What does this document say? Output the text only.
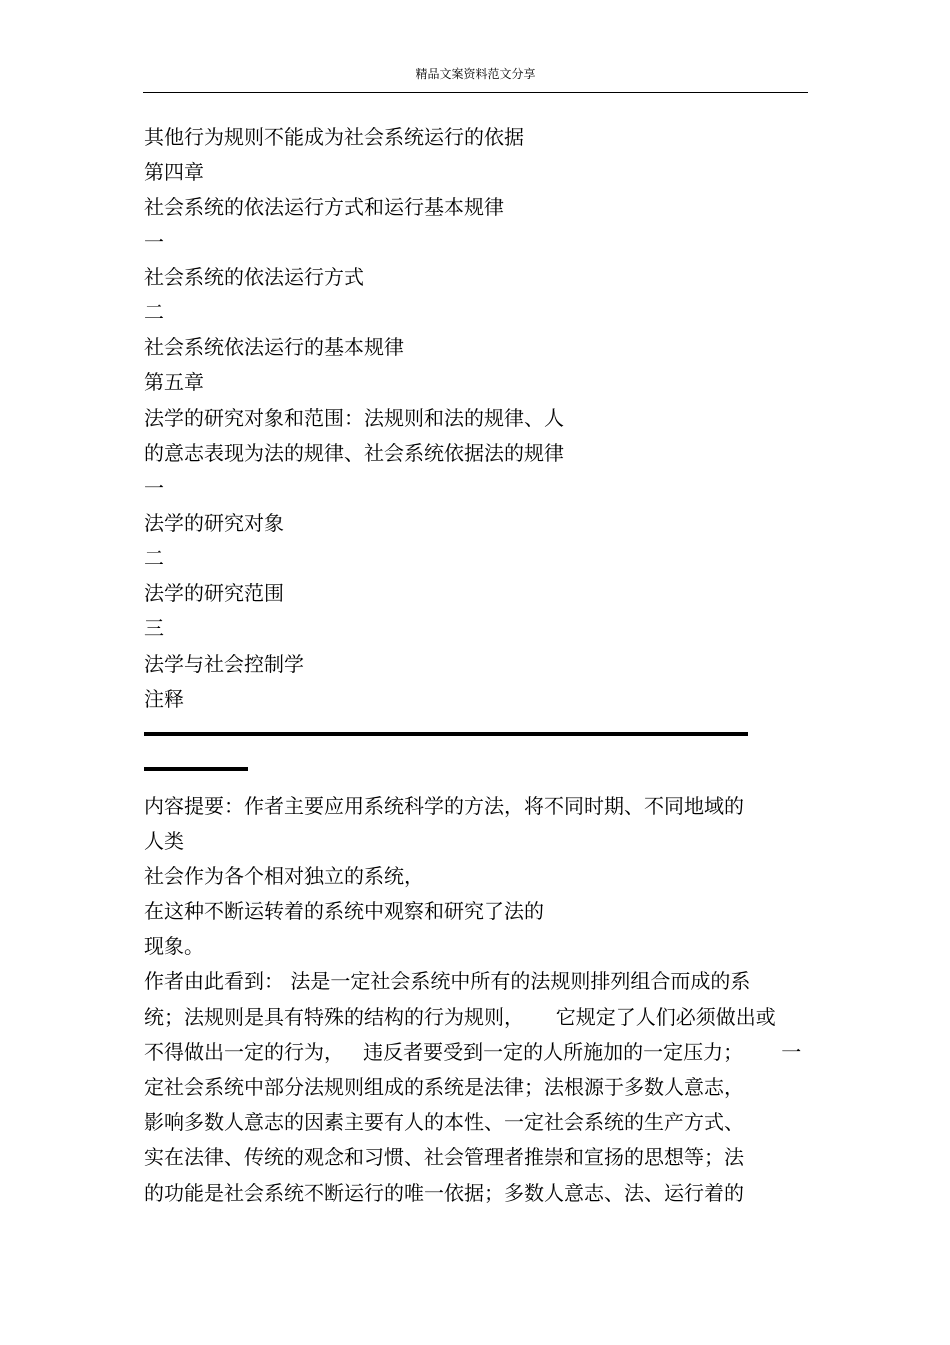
精品文案资料范文分享
其他行为规则不能成为社会系统运行的依据
第四章
社会系统的依法运行方式和运行基本规律
一
社会系统的依法运行方式
二
社会系统依法运行的基本规律
第五章
法学的研究对象和范围：法规则和法的规律、人
的意志表现为法的规律、社会系统依据法的规律
一
法学的研究对象
二
法学的研究范围
三
法学与社会控制学
注释
内容提要：作者主要应用系统科学的方法，将不同时期、不同地域的
人类
社会作为各个相对独立的系统，
在这种不断运转着的系统中观察和研究了法的
现象。
作者由此看到： 法是一定社会系统中所有的法规则排列组合而成的系
统；法规则是具有特殊的结构的行为规则，     它规定了人们必须做出或
不得做出一定的行为，   违反者要受到一定的人所施加的一定压力；      一
定社会系统中部分法规则组成的系统是法律；法根源于多数人意志，
影响多数人意志的因素主要有人的本性、一定社会系统的生产方式、
实在法律、传统的观念和习惯、社会管理者推崇和宣扬的思想等；法
的功能是社会系统不断运行的唯一依据；多数人意志、法、运行着的
